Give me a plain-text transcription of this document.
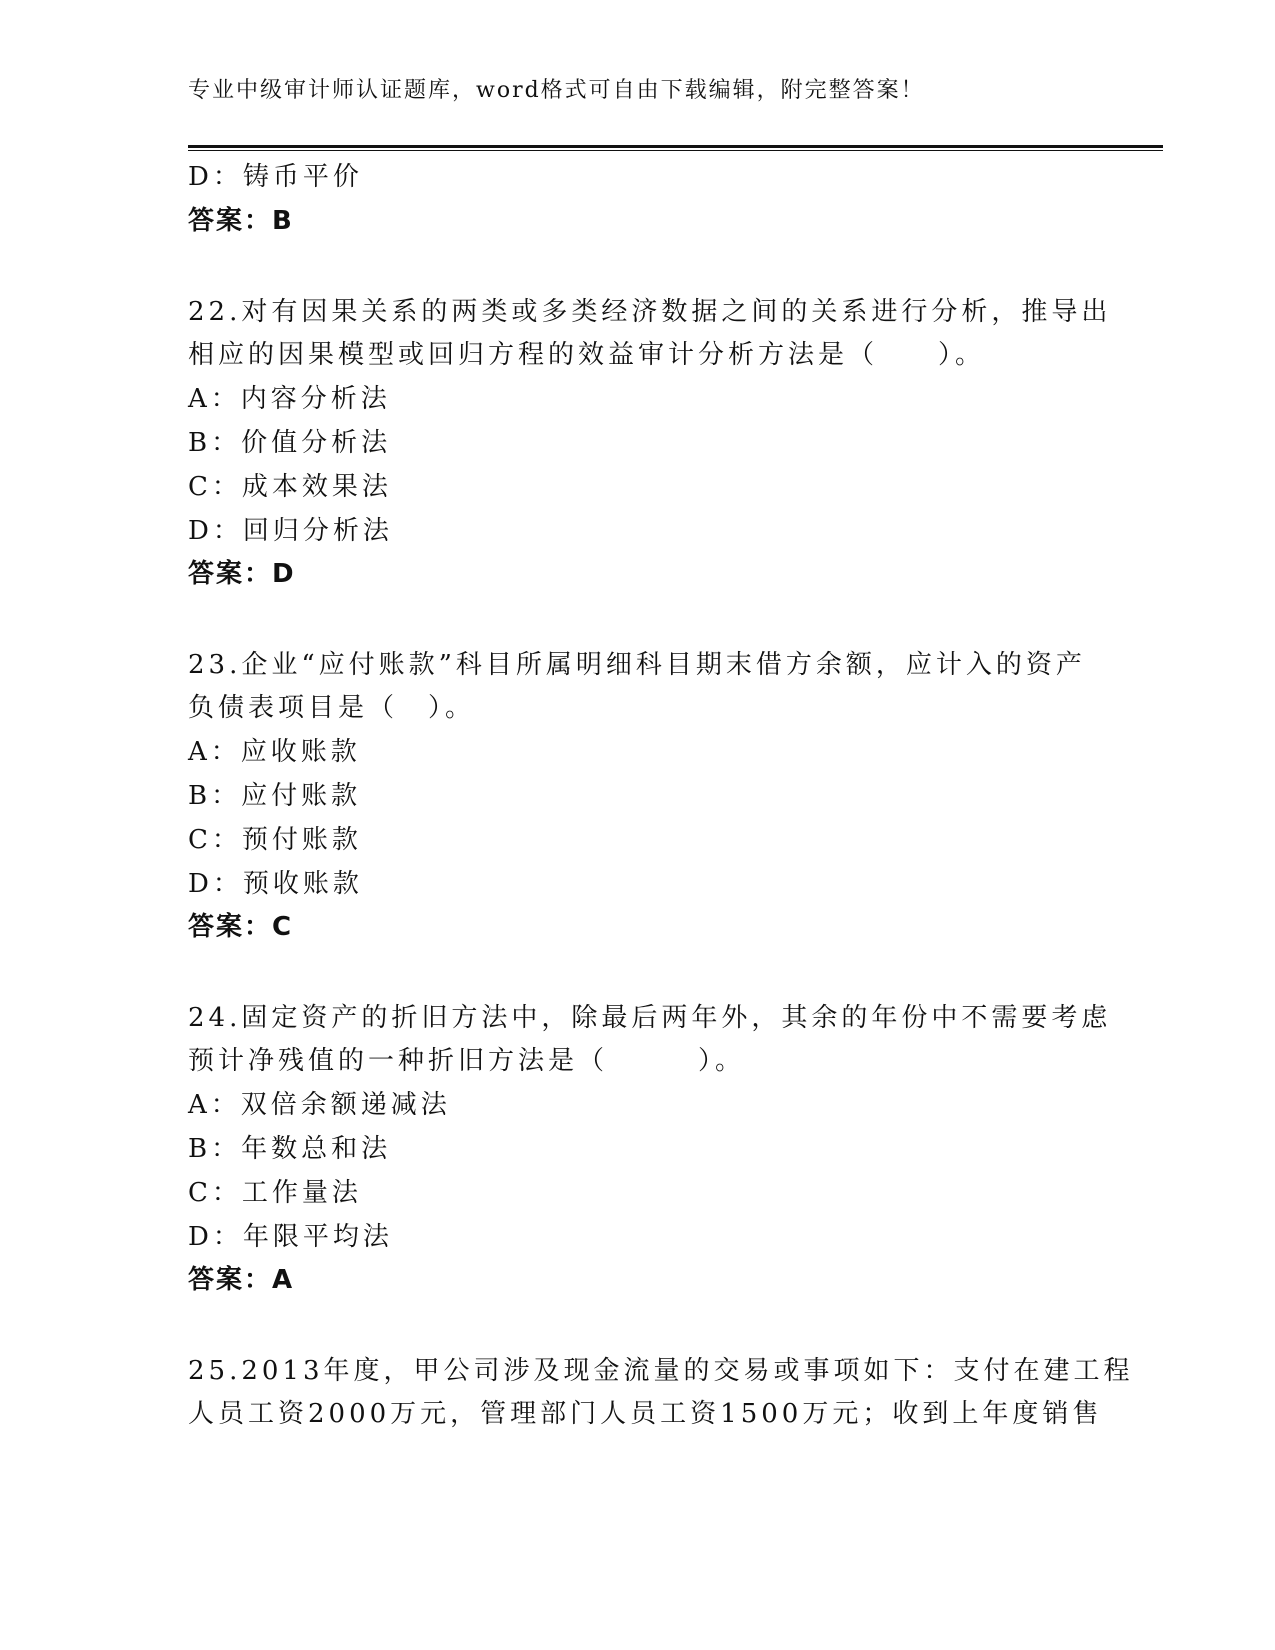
专业中级审计师认证题库，word格式可自由下载编辑，附完整答案！
D：铸币平价
答案：B
22.对有因果关系的两类或多类经济数据之间的关系进行分析，推导出
相应的因果模型或回归方程的效益审计分析方法是（　　）。
A：内容分析法
B：价值分析法
C：成本效果法
D：回归分析法
答案：D
23.企业“应付账款”科目所属明细科目期末借方余额，应计入的资产
负债表项目是（　）。
A：应收账款
B：应付账款
C：预付账款
D：预收账款
答案：C
24.固定资产的折旧方法中，除最后两年外，其余的年份中不需要考虑
预计净残值的一种折旧方法是（　　　）。
A：双倍余额递减法
B：年数总和法
C：工作量法
D：年限平均法
答案：A
25.2013年度，甲公司涉及现金流量的交易或事项如下：支付在建工程
人员工资2000万元，管理部门人员工资1500万元；收到上年度销售
